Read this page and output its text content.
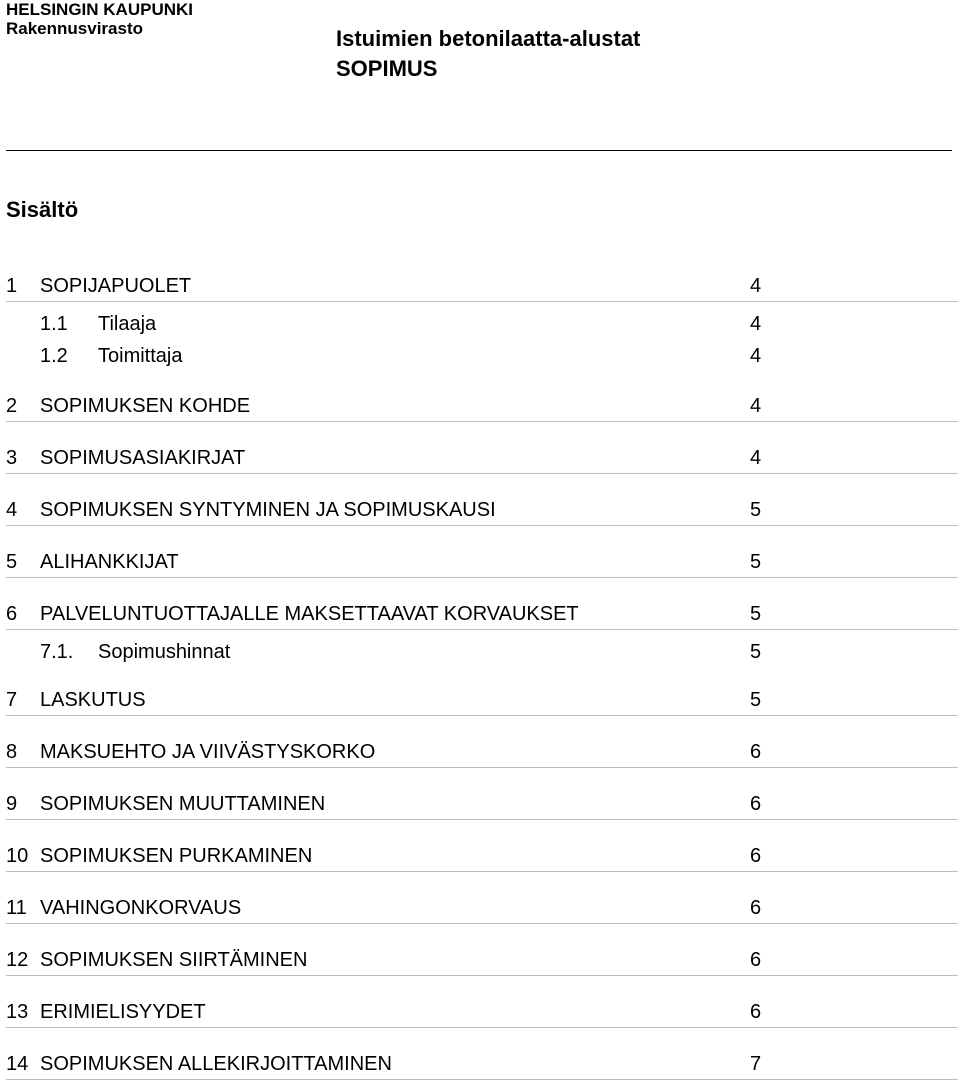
HELSINGIN KAUPUNKI
Rakennusvirasto	Istuimien betonilaatta-alustat
SOPIMUS
Sisältö
1 SOPIJAPUOLET	4
1.1 Tilaaja	4
1.2 Toimittaja	4
2 SOPIMUKSEN KOHDE	4
3 SOPIMUSASIAKIRJAT	4
4 SOPIMUKSEN SYNTYMINEN JA SOPIMUSKAUSI	5
5 ALIHANKKIJAT	5
6 PALVELUNTUOTTAJALLE MAKSETTAAVAT KORVAUKSET	5
7.1. Sopimushinnat	5
7 LASKUTUS	5
8 MAKSUEHTO JA VIIVÄSTYSKORKO	6
9 SOPIMUKSEN MUUTTAMINEN	6
10 SOPIMUKSEN PURKAMINEN	6
11 VAHINGONKORVAUS	6
12 SOPIMUKSEN SIIRTÄMINEN	6
13 ERIMIELISYYDET	6
14 SOPIMUKSEN ALLEKIRJOITTAMINEN	7
